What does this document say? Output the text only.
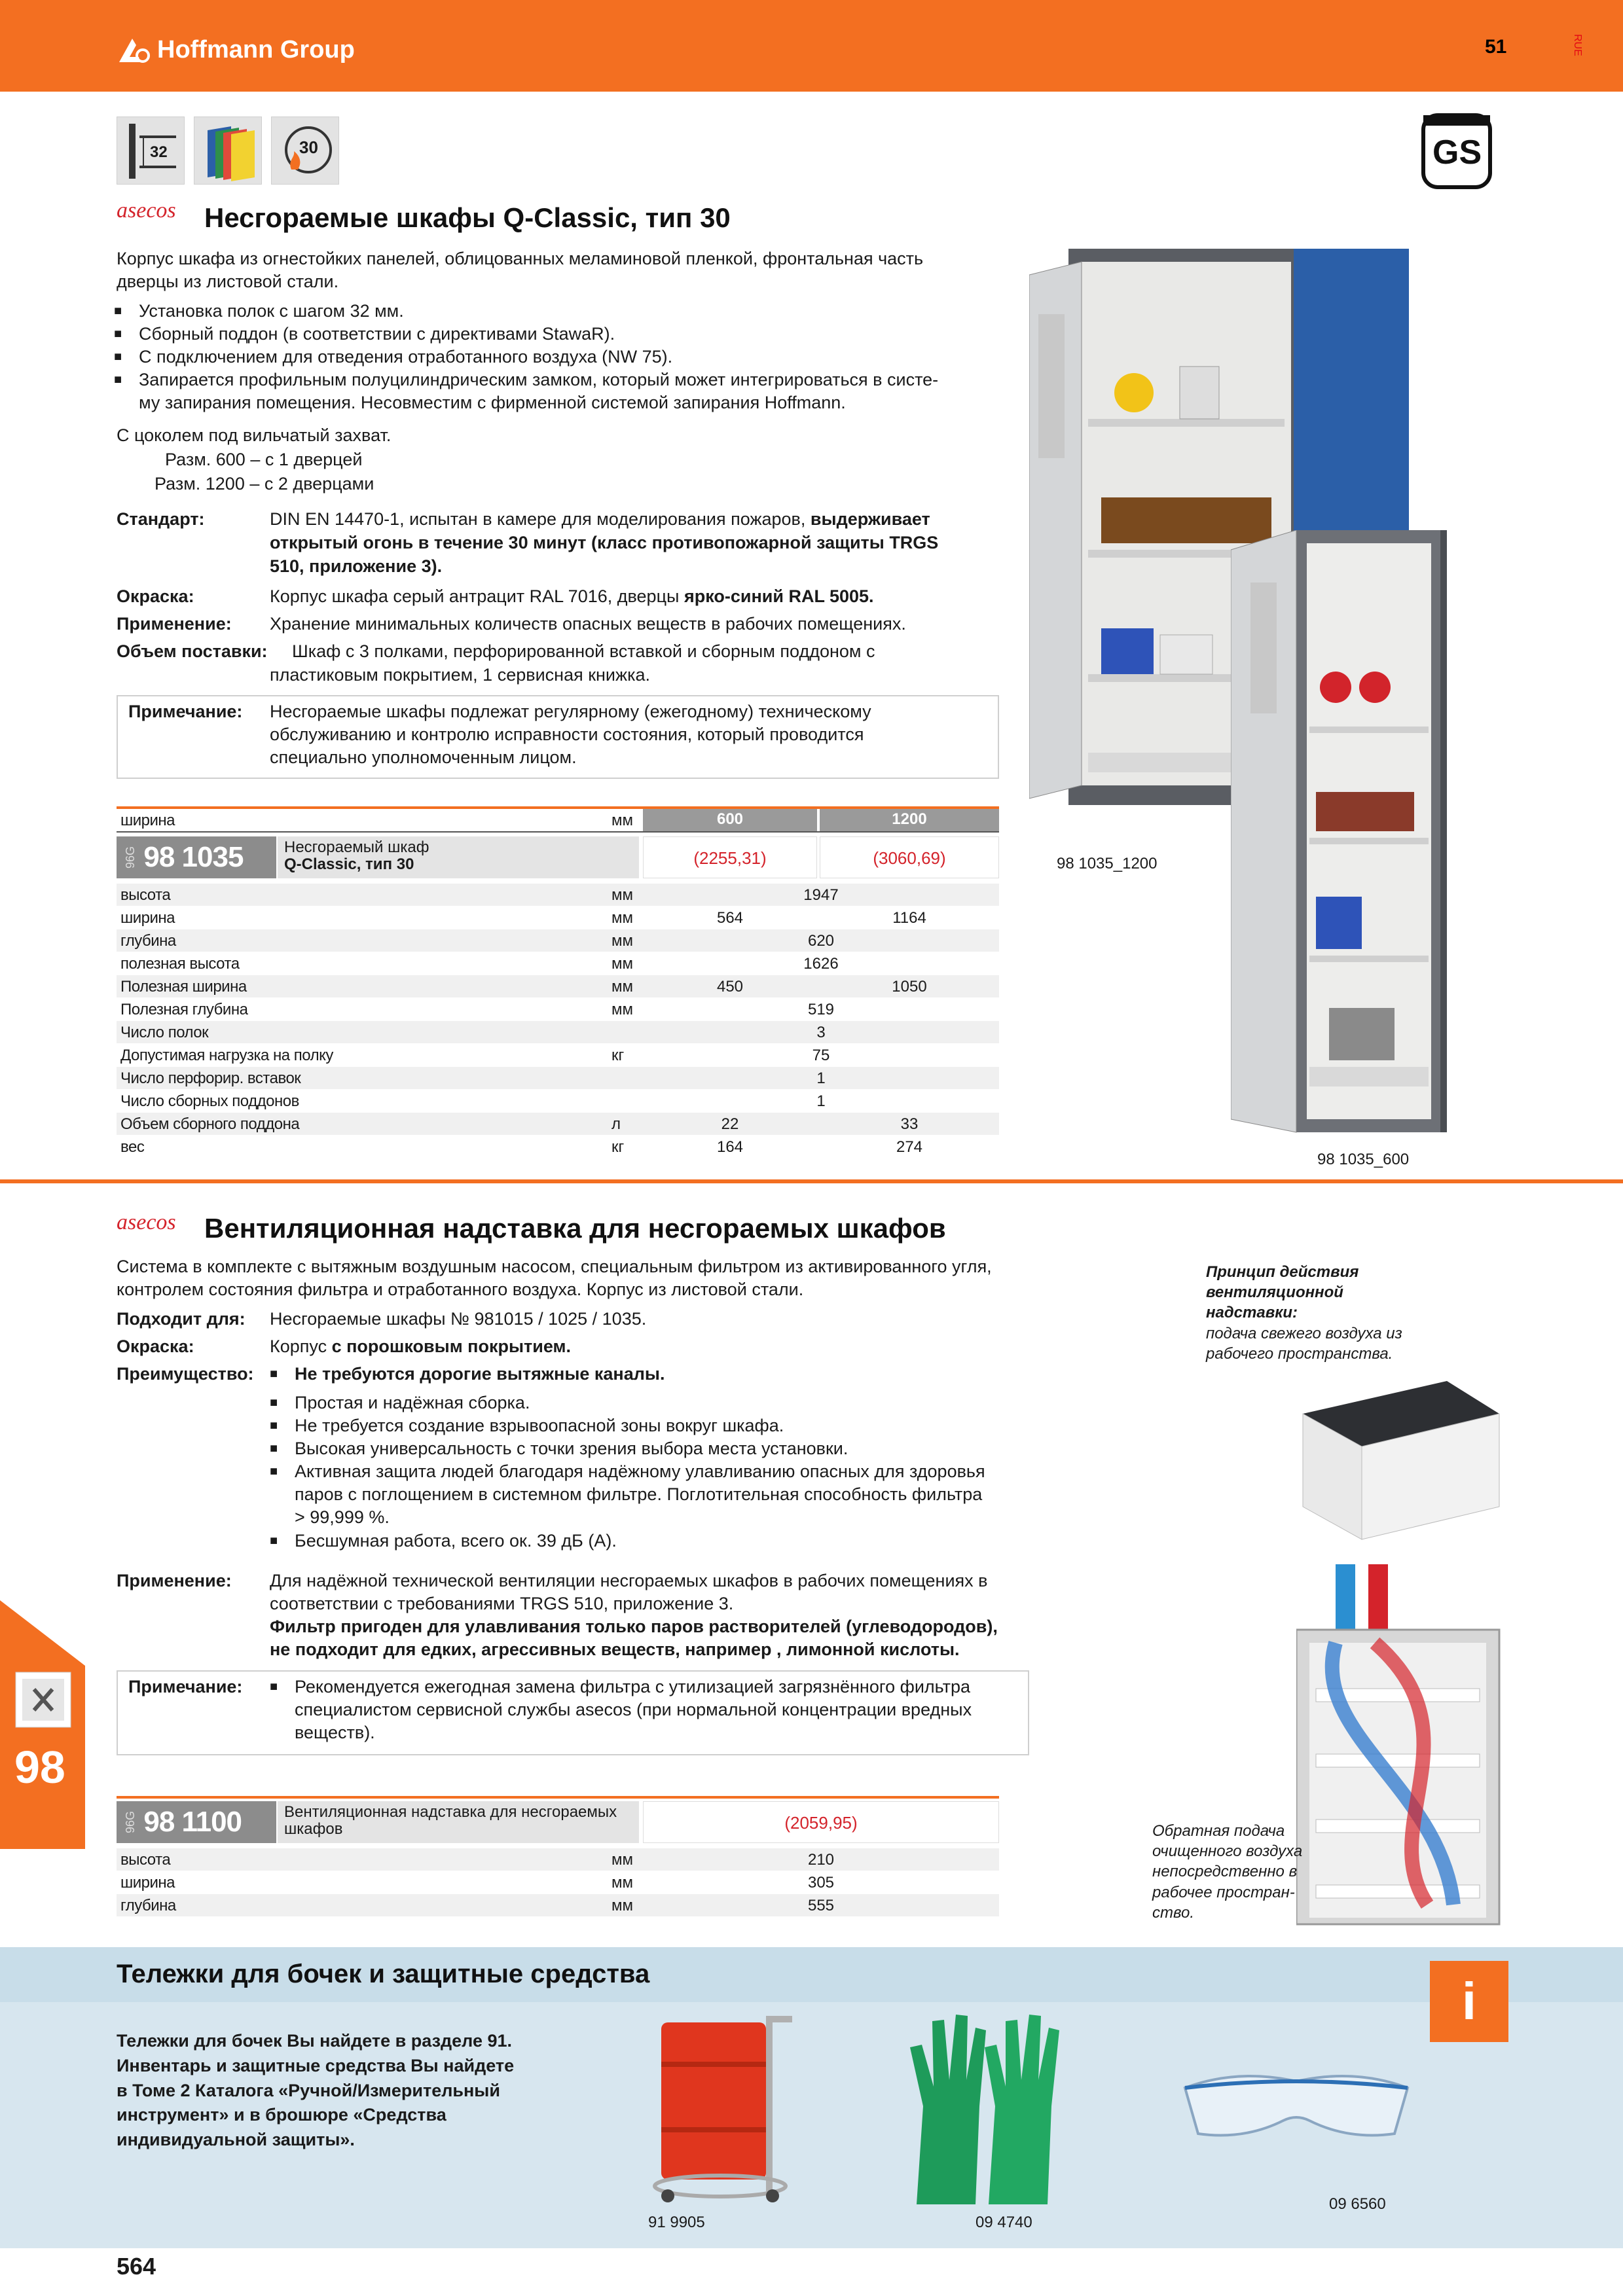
Hoffmann Group	51	RUE
32	30	GS
asecos Несгораемые шкафы Q-Classic, тип 30

Корпус шкафа из огнестойких панелей, облицованных меламиновой пленкой, фронтальная часть

дверцы из листовой стали.

■ Установка полок с шагом 32 мм.

■ Сборный поддон (в соответствии с директивами StawaR).

■ С подключением для отведения отработанного воздуха (NW 75).

■ Запирается профильным полуцилиндрическим замком, который может интегрироваться в систе-

му запирания помещения. Несовместим с фирменной системой запирания Hoffmann.

С цоколем под вильчатый захват.

Разм. 600 – с 1 дверцей

Разм. 1200 – с 2 дверцами

Стандарт:	DIN EN 14470-1, испытан в камере для моделирования пожаров, выдерживает

открытый огонь в течение 30 минут (класс противопожарной защиты TRGS

510, приложение 3).

Окраска:	Корпус шкафа серый антрацит RAL 7016, дверцы ярко-синий RAL 5005.

Применение: Хранение минимальных количеств опасных веществ в рабочих помещениях.

Объем поставки: Шкаф с 3 полками, перфорированной вставкой и сборным поддоном с

пластиковым покрытием, 1 сервисная книжка.

Примечание: Несгораемые шкафы подлежат регулярному (ежегодному) техническому

обслуживанию и контролю исправности состояния, который проводится

специально уполномоченным лицом.

ширина	мм	600	1200
96G 98 1035	Несгораемый шкаф
Q-Classic, тип 30	(2255,31)	(3060,69)
высота	мм	1947
ширина	мм	564	1164
глубина	мм	620
полезная высота	мм	1626
Полезная ширина	мм	450	1050
Полезная глубина	мм	519
Число полок	3
Допустимая нагрузка на полку	кг	75
Число перфорир. вставок	1
Число сборных поддонов	1
Объем сборного поддона	л	22	33
вес	кг	164	274
98 1035_1200
98 1035_600
asecos Вентиляционная надставка для несгораемых шкафов

Система в комплекте с вытяжным воздушным насосом, специальным фильтром из активированного угля,

контролем состояния фильтра и отработанного воздуха. Корпус из листовой стали.

Подходит для: Несгораемые шкафы № 981015 / 1025 / 1035.

Окраска:	Корпус с порошковым покрытием.

Преимущество: ■ Не требуются дорогие вытяжные каналы.

■ Простая и надёжная сборка.

■ Не требуется создание взрывоопасной зоны вокруг шкафа.

■ Высокая универсальность с точки зрения выбора места установки.

■ Активная защита людей благодаря надёжному улавливанию опасных для здоровья

паров с поглощением в системном фильтре. Поглотительная способность фильтра

> 99,999 %.

■ Бесшумная работа, всего ок. 39 дБ (A).

Применение: Для надёжной технической вентиляции несгораемых шкафов в рабочих помещениях в

соответствии с требованиями TRGS 510, приложение 3.

Фильтр пригоден для улавливания только паров растворителей (углеводородов),

не подходит для едких, агрессивных веществ, например , лимонной кислоты.

Примечание:	■ Рекомендуется ежегодная замена фильтра с утилизацией загрязнённого фильтра

специалистом сервисной службы asecos (при нормальной концентрации вредных

веществ).

96G 98 1100	Вентиляционная надставка для несгораемых
шкафов	(2059,95)
высота	мм	210
ширина	мм	305
глубина	мм	555

Принцип действия

вентиляционной

надставки:

подача свежего воздуха из

рабочего пространства.

Обратная подача

очищенного воздуха

непосредственно в

рабочее простран-

ство.

98
Тележки для бочек и защитные средства	i

Тележки для бочек Вы найдете в разделе 91.

Инвентарь и защитные средства Вы найдете

в Томе 2 Каталога «Ручной/Измерительный

инструмент» и в брошюре «Средства

индивидуальной защиты».

91 9905	09 4740
09 6560
564
